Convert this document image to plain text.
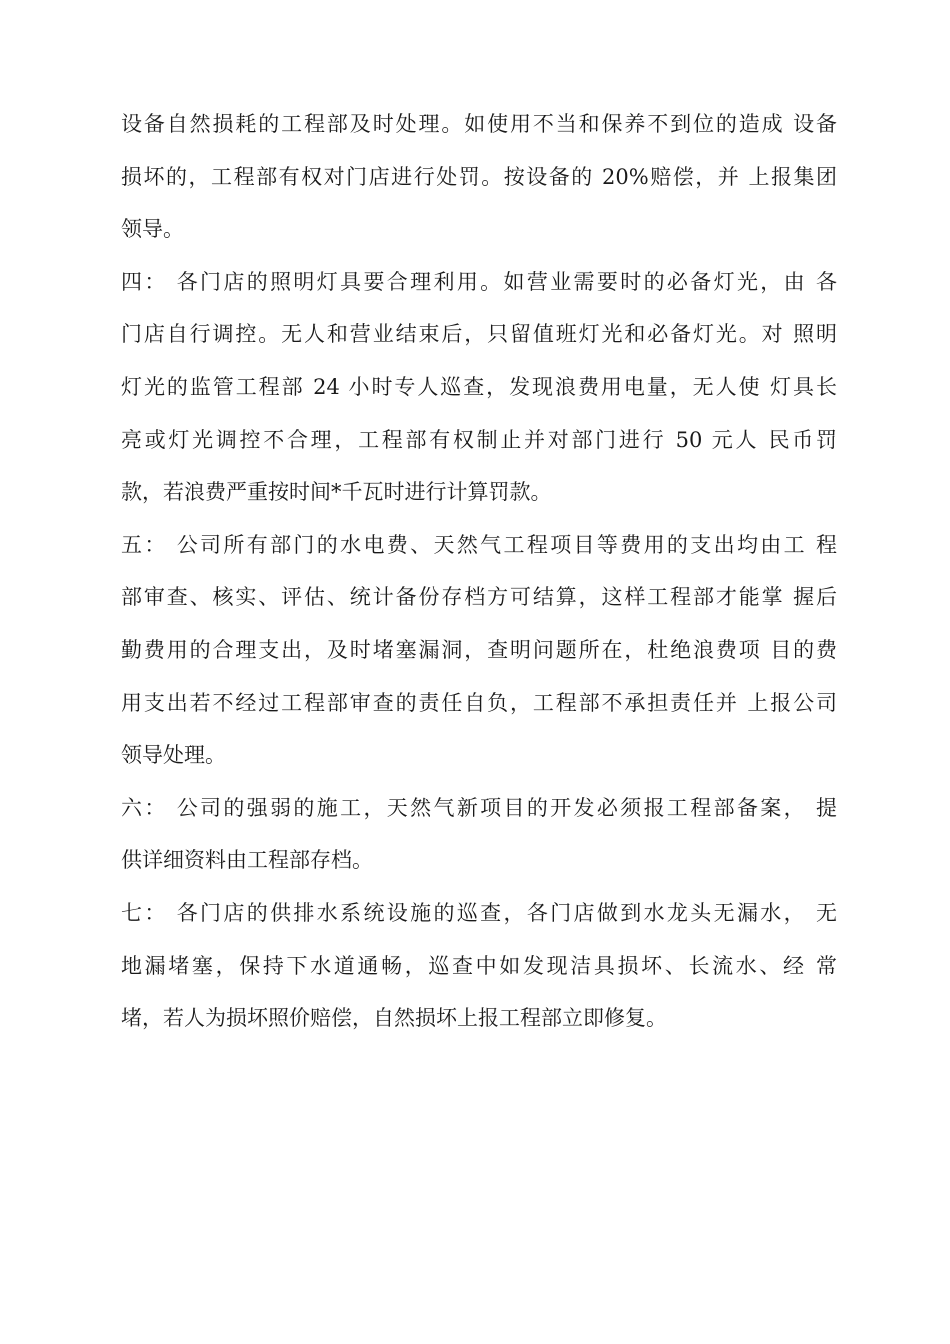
设备自然损耗的工程部及时处理。如使用不当和保养不到位的造成 设备
损坏的，工程部有权对门店进行处罚。按设备的 20%赔偿，并 上报集团
领导。
四： 各门店的照明灯具要合理利用。如营业需要时的必备灯光，由 各
门店自行调控。无人和营业结束后，只留值班灯光和必备灯光。对 照明
灯光的监管工程部 24 小时专人巡查，发现浪费用电量，无人使 灯具长
亮或灯光调控不合理，工程部有权制止并对部门进行 50 元人 民币罚
款，若浪费严重按时间*千瓦时进行计算罚款。
五： 公司所有部门的水电费、天然气工程项目等费用的支出均由工 程
部审查、核实、评估、统计备份存档方可结算，这样工程部才能掌 握后
勤费用的合理支出，及时堵塞漏洞，查明问题所在，杜绝浪费项 目的费
用支出若不经过工程部审查的责任自负，工程部不承担责任并 上报公司
领导处理。
六： 公司的强弱的施工，天然气新项目的开发必须报工程部备案， 提
供详细资料由工程部存档。
七： 各门店的供排水系统设施的巡查，各门店做到水龙头无漏水， 无
地漏堵塞，保持下水道通畅，巡查中如发现洁具损坏、长流水、经 常
堵，若人为损坏照价赔偿，自然损坏上报工程部立即修复。
